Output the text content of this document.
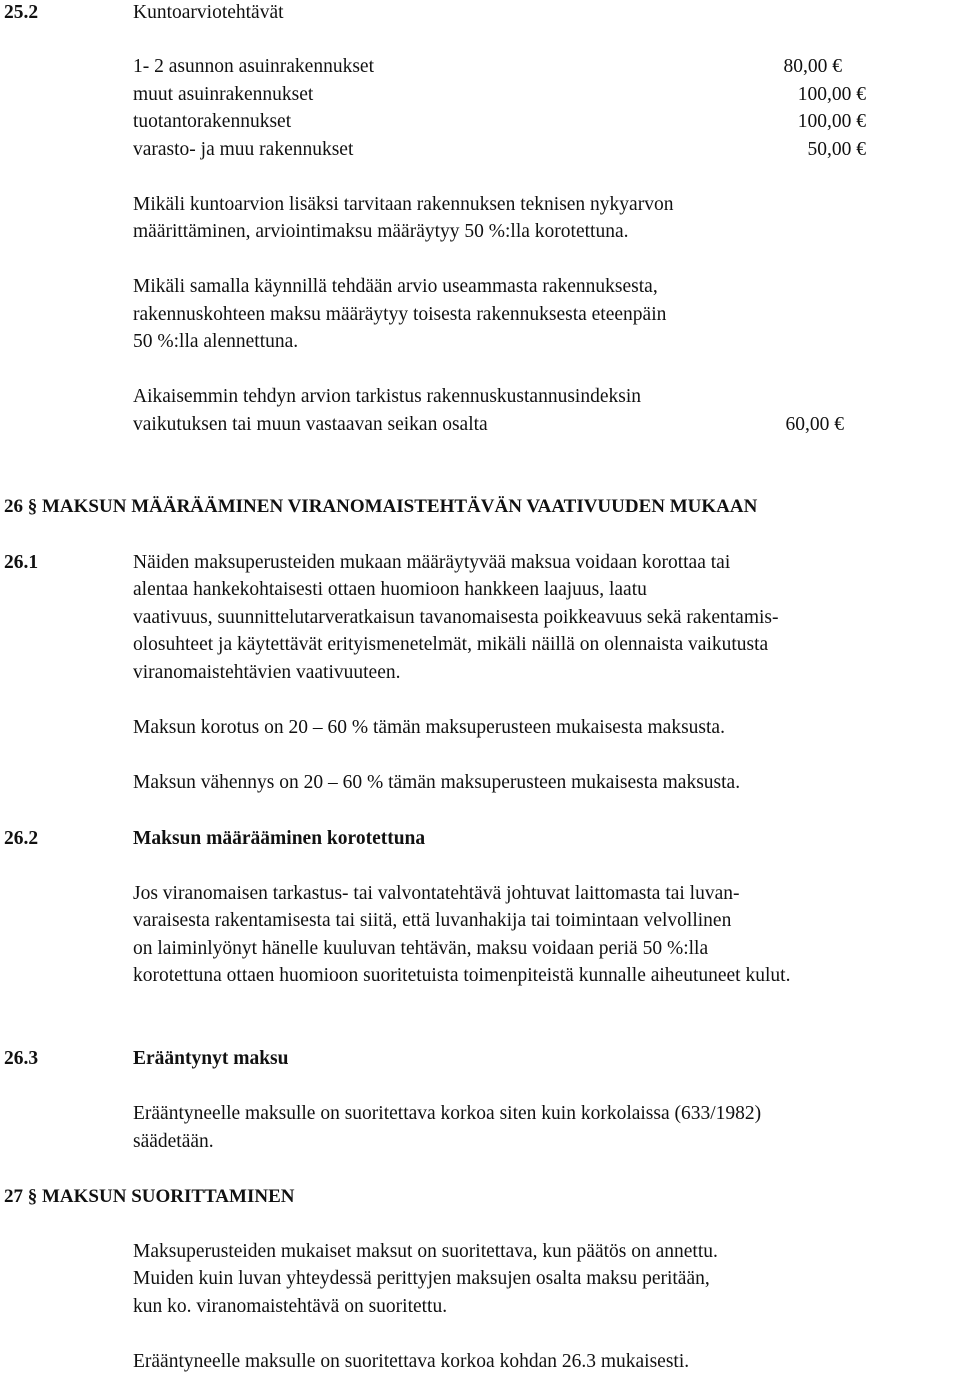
25.2	Kuntoarviotehtävät
1- 2 asunnon asuinrakennukset	80,00 €
muut asuinrakennukset	100,00 €
tuotantorakennukset	100,00 €
varasto- ja muu rakennukset	50,00 €
Mikäli kuntoarvion lisäksi tarvitaan rakennuksen teknisen nykyarvon
määrittäminen, arviointimaksu määräytyy 50 %:lla korotettuna.
Mikäli samalla käynnillä tehdään arvio useammasta rakennuksesta,
rakennuskohteen maksu määräytyy toisesta rakennuksesta eteenpäin
50 %:lla alennettuna.
Aikaisemmin tehdyn arvion tarkistus rakennuskustannusindeksin
vaikutuksen tai muun vastaavan seikan osalta	60,00 €
26 § MAKSUN MÄÄRÄÄMINEN VIRANOMAISTEHTÄVÄN VAATIVUUDEN MUKAAN
26.1	Näiden maksuperusteiden mukaan määräytyvää maksua voidaan korottaa tai
alentaa hankekohtaisesti ottaen huomioon hankkeen laajuus, laatu
vaativuus, suunnittelutarveratkaisun tavanomaisesta poikkeavuus sekä rakentamis-
olosuhteet ja käytettävät erityismenetelmät, mikäli näillä on olennaista vaikutusta
viranomaistehtävien vaativuuteen.
Maksun korotus on 20 – 60 % tämän maksuperusteen mukaisesta maksusta.
Maksun vähennys on 20 – 60 % tämän maksuperusteen mukaisesta maksusta.
26.2	Maksun määrääminen korotettuna
Jos viranomaisen tarkastus- tai valvontatehtävä johtuvat laittomasta tai luvan-
varaisesta rakentamisesta tai siitä, että luvanhakija tai toimintaan velvollinen
on laiminlyönyt hänelle kuuluvan tehtävän, maksu voidaan periä 50 %:lla
korotettuna ottaen huomioon suoritetuista toimenpiteistä kunnalle aiheutuneet kulut.
26.3	Erääntynyt maksu
Erääntyneelle maksulle on suoritettava korkoa siten kuin korkolaissa (633/1982)
säädetään.
27 § MAKSUN SUORITTAMINEN
Maksuperusteiden mukaiset maksut on suoritettava, kun päätös on annettu.
Muiden kuin luvan yhteydessä perittyjen maksujen osalta maksu peritään,
kun ko. viranomaistehtävä on suoritettu.
Erääntyneelle maksulle on suoritettava korkoa kohdan 26.3 mukaisesti.
